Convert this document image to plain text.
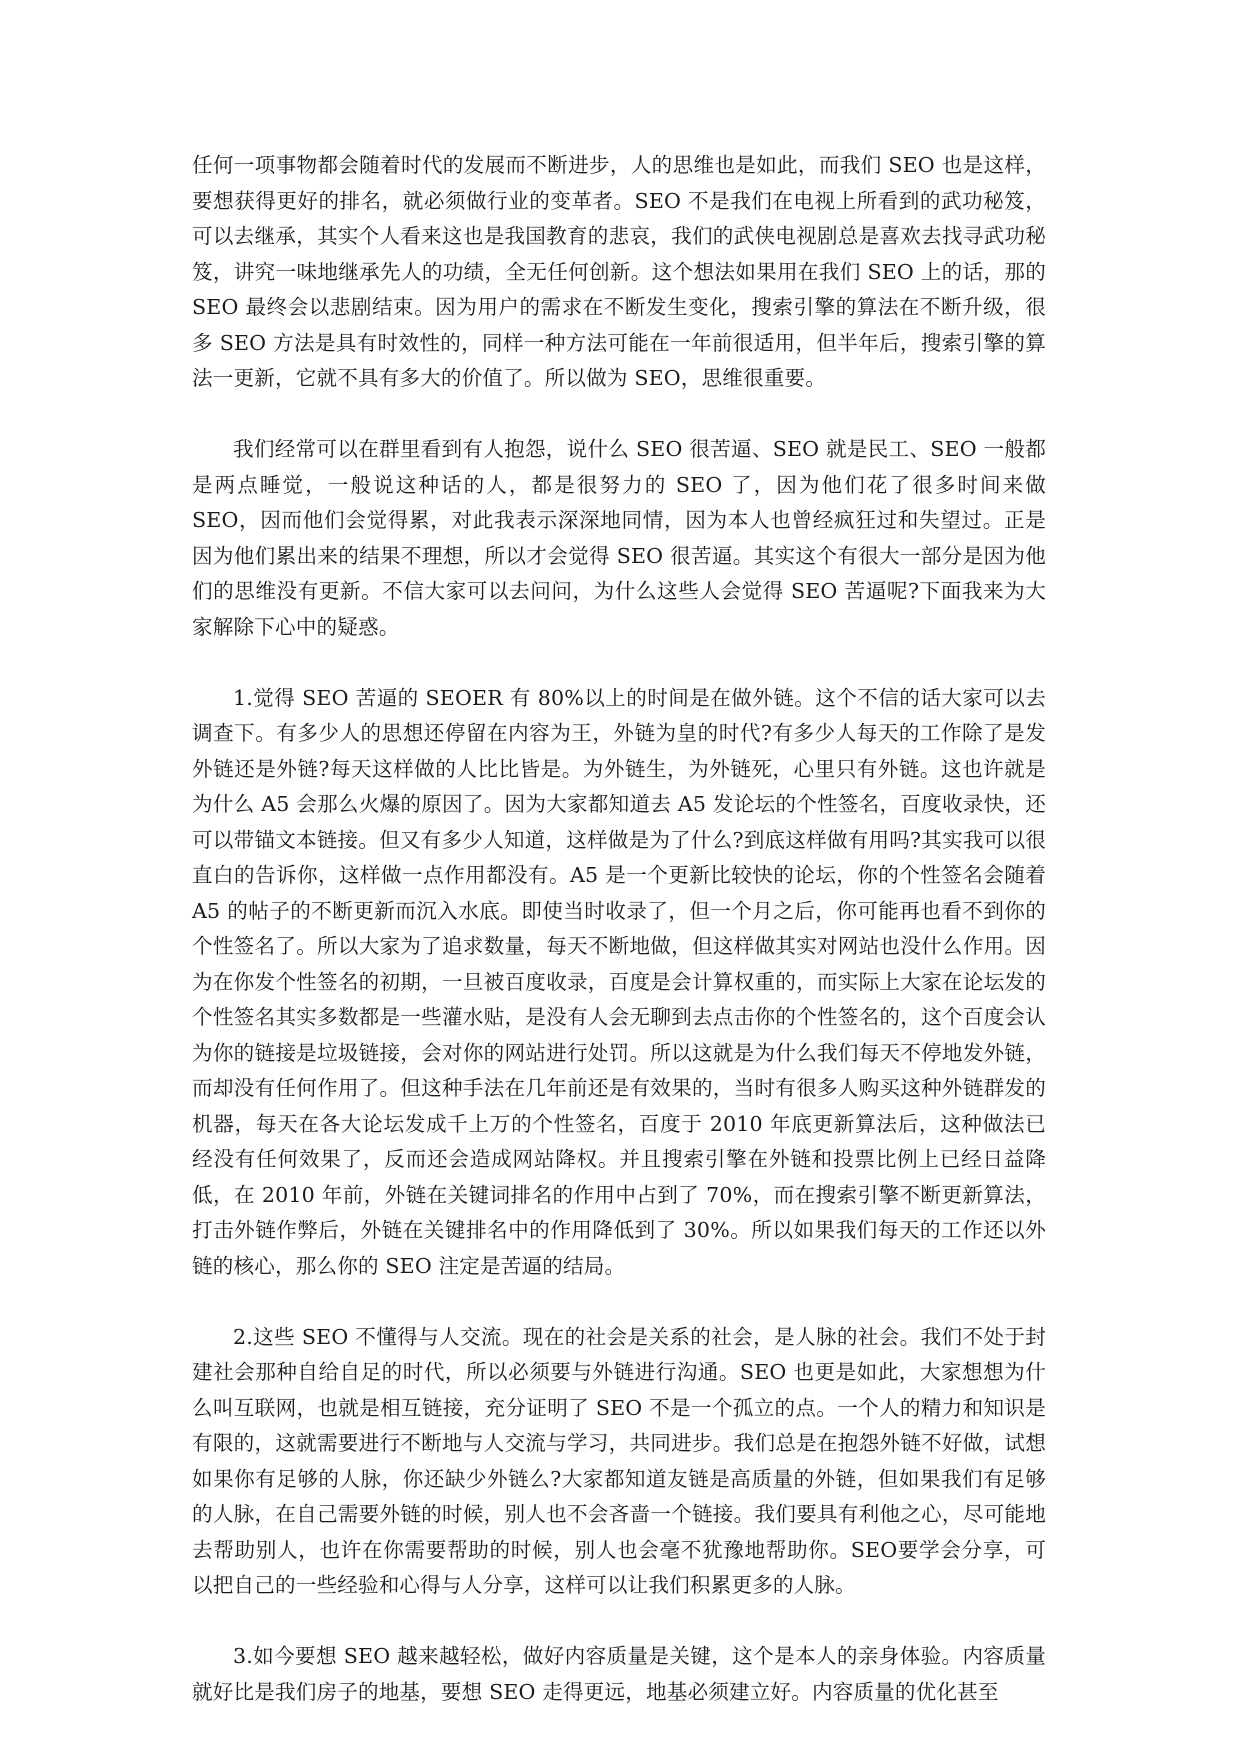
任何一项事物都会随着时代的发展而不断进步，人的思维也是如此，而我们 SEO 也是这样，要想获得更好的排名，就必须做行业的变革者。SEO 不是我们在电视上所看到的武功秘笈，可以去继承，其实个人看来这也是我国教育的悲哀，我们的武侠电视剧总是喜欢去找寻武功秘笈，讲究一味地继承先人的功绩，全无任何创新。这个想法如果用在我们 SEO 上的话，那的 SEO 最终会以悲剧结束。因为用户的需求在不断发生变化，搜索引擎的算法在不断升级，很多 SEO 方法是具有时效性的，同样一种方法可能在一年前很适用，但半年后，搜索引擎的算法一更新，它就不具有多大的价值了。所以做为 SEO，思维很重要。

我们经常可以在群里看到有人抱怨，说什么 SEO 很苦逼、SEO 就是民工、SEO 一般都是两点睡觉，一般说这种话的人，都是很努力的 SEO 了，因为他们花了很多时间来做 SEO，因而他们会觉得累，对此我表示深深地同情，因为本人也曾经疯狂过和失望过。正是因为他们累出来的结果不理想，所以才会觉得 SEO 很苦逼。其实这个有很大一部分是因为他们的思维没有更新。不信大家可以去问问，为什么这些人会觉得 SEO 苦逼呢?下面我来为大家解除下心中的疑惑。

1.觉得 SEO 苦逼的 SEOER 有 80%以上的时间是在做外链。这个不信的话大家可以去调查下。有多少人的思想还停留在内容为王，外链为皇的时代?有多少人每天的工作除了是发外链还是外链?每天这样做的人比比皆是。为外链生，为外链死，心里只有外链。这也许就是为什么 A5 会那么火爆的原因了。因为大家都知道去 A5 发论坛的个性签名，百度收录快，还可以带锚文本链接。但又有多少人知道，这样做是为了什么?到底这样做有用吗?其实我可以很直白的告诉你，这样做一点作用都没有。A5 是一个更新比较快的论坛，你的个性签名会随着 A5 的帖子的不断更新而沉入水底。即使当时收录了，但一个月之后，你可能再也看不到你的个性签名了。所以大家为了追求数量，每天不断地做，但这样做其实对网站也没什么作用。因为在你发个性签名的初期，一旦被百度收录，百度是会计算权重的，而实际上大家在论坛发的个性签名其实多数都是一些灌水贴，是没有人会无聊到去点击你的个性签名的，这个百度会认为你的链接是垃圾链接，会对你的网站进行处罚。所以这就是为什么我们每天不停地发外链，而却没有任何作用了。但这种手法在几年前还是有效果的，当时有很多人购买这种外链群发的机器，每天在各大论坛发成千上万的个性签名，百度于 2010 年底更新算法后，这种做法已经没有任何效果了，反而还会造成网站降权。并且搜索引擎在外链和投票比例上已经日益降低，在 2010 年前，外链在关键词排名的作用中占到了 70%，而在搜索引擎不断更新算法，打击外链作弊后，外链在关键排名中的作用降低到了 30%。所以如果我们每天的工作还以外链的核心，那么你的 SEO 注定是苦逼的结局。

2.这些 SEO 不懂得与人交流。现在的社会是关系的社会，是人脉的社会。我们不处于封建社会那种自给自足的时代，所以必须要与外链进行沟通。SEO 也更是如此，大家想想为什么叫互联网，也就是相互链接，充分证明了 SEO 不是一个孤立的点。一个人的精力和知识是有限的，这就需要进行不断地与人交流与学习，共同进步。我们总是在抱怨外链不好做，试想如果你有足够的人脉，你还缺少外链么?大家都知道友链是高质量的外链，但如果我们有足够的人脉，在自己需要外链的时候，别人也不会吝啬一个链接。我们要具有利他之心，尽可能地去帮助别人，也许在你需要帮助的时候，别人也会毫不犹豫地帮助你。SEO要学会分享，可以把自己的一些经验和心得与人分享，这样可以让我们积累更多的人脉。

3.如今要想 SEO 越来越轻松，做好内容质量是关键，这个是本人的亲身体验。内容质量就好比是我们房子的地基，要想 SEO 走得更远，地基必须建立好。内容质量的优化甚至
